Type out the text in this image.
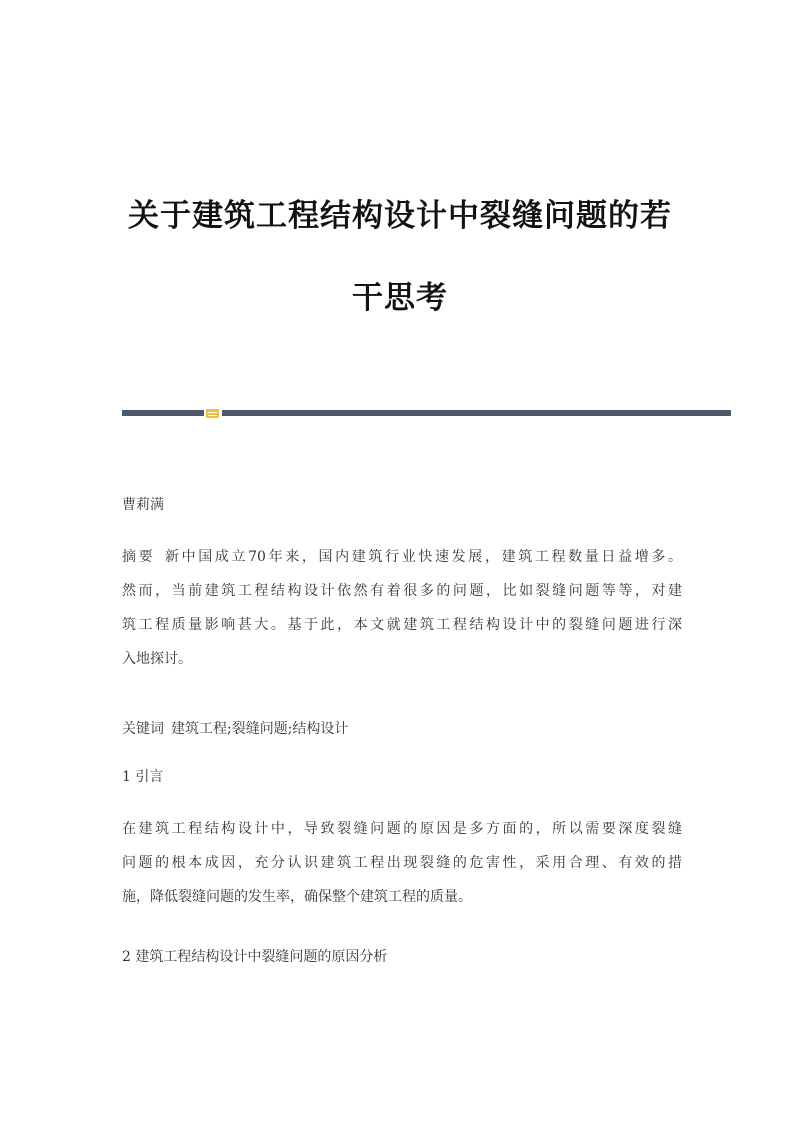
关于建筑工程结构设计中裂缝问题的若
干思考

曹莉满

摘要 新中国成立70年来，国内建筑行业快速发展，建筑工程数量日益增多。
然而，当前建筑工程结构设计依然有着很多的问题，比如裂缝问题等等，对建
筑工程质量影响甚大。基于此，本文就建筑工程结构设计中的裂缝问题进行深
入地探讨。

关键词 建筑工程;裂缝问题;结构设计

1 引言

在建筑工程结构设计中，导致裂缝问题的原因是多方面的，所以需要深度裂缝
问题的根本成因，充分认识建筑工程出现裂缝的危害性，采用合理、有效的措
施，降低裂缝问题的发生率，确保整个建筑工程的质量。

2 建筑工程结构设计中裂缝问题的原因分析
